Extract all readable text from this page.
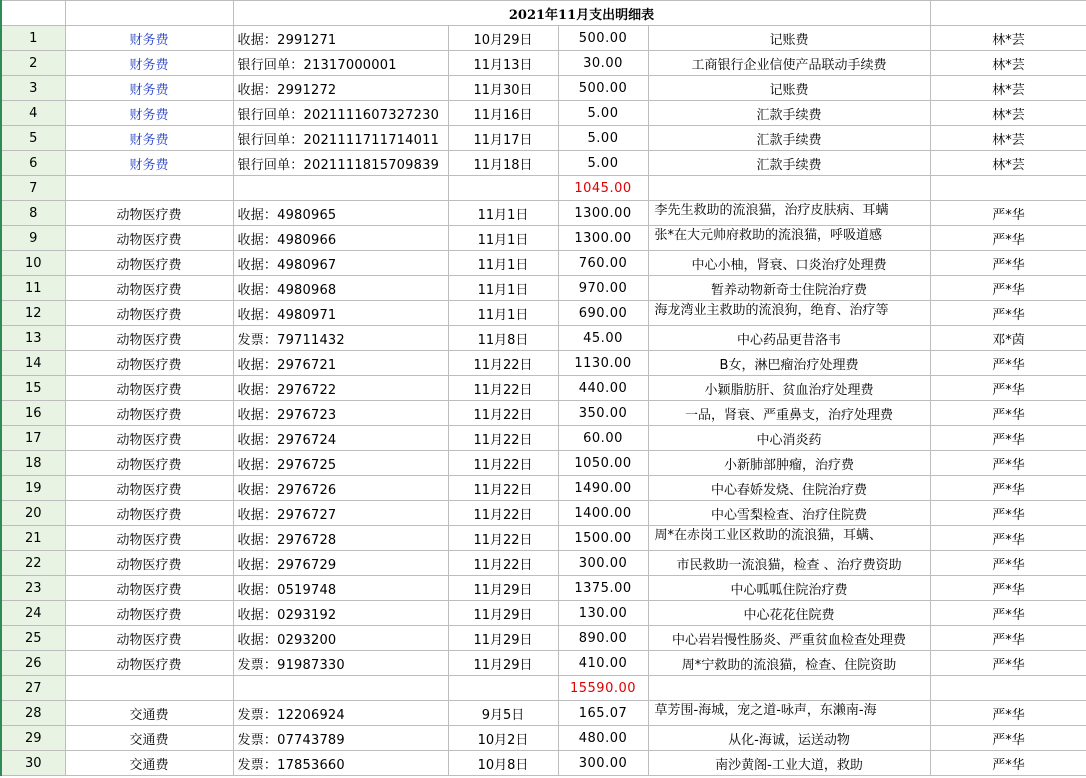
		2021年11月支出明细表				
1	财务费	收据：2991271	10月29日	500.00	记账费	林*芸
2	财务费	银行回单：21317000001	11月13日	30.00	工商银行企业信使产品联动手续费	林*芸
3	财务费	收据：2991272	11月30日	500.00	记账费	林*芸
4	财务费	银行回单：2021111607327230	11月16日	5.00	汇款手续费	林*芸
5	财务费	银行回单：2021111711714011	11月17日	5.00	汇款手续费	林*芸
6	财务费	银行回单：2021111815709839	11月18日	5.00	汇款手续费	林*芸
7				1045.00		
8	动物医疗费	收据：4980965	11月1日	1300.00	李先生救助的流浪猫，治疗皮肤病、耳螨	严*华
9	动物医疗费	收据：4980966	11月1日	1300.00	张*在大元帅府救助的流浪猫，呼吸道感	严*华
10	动物医疗费	收据：4980967	11月1日	760.00	中心小柚，肾衰、口炎治疗处理费	严*华
11	动物医疗费	收据：4980968	11月1日	970.00	暂养动物新奇士住院治疗费	严*华
12	动物医疗费	收据：4980971	11月1日	690.00	海龙湾业主救助的流浪狗，绝育、治疗等	严*华
13	动物医疗费	发票：79711432	11月8日	45.00	中心药品更昔洛韦	邓*茵
14	动物医疗费	收据：2976721	11月22日	1130.00	B女，淋巴瘤治疗处理费	严*华
15	动物医疗费	收据：2976722	11月22日	440.00	小颖脂肪肝、贫血治疗处理费	严*华
16	动物医疗费	收据：2976723	11月22日	350.00	一品，肾衰、严重鼻支，治疗处理费	严*华
17	动物医疗费	收据：2976724	11月22日	60.00	中心消炎药	严*华
18	动物医疗费	收据：2976725	11月22日	1050.00	小新肺部肿瘤，治疗费	严*华
19	动物医疗费	收据：2976726	11月22日	1490.00	中心春娇发烧、住院治疗费	严*华
20	动物医疗费	收据：2976727	11月22日	1400.00	中心雪梨检查、治疗住院费	严*华
21	动物医疗费	收据：2976728	11月22日	1500.00	周*在赤岗工业区救助的流浪猫，耳螨、	严*华
22	动物医疗费	收据：2976729	11月22日	300.00	市民救助一流浪猫，检查 、治疗费资助	严*华
23	动物医疗费	收据：0519748	11月29日	1375.00	中心呱呱住院治疗费	严*华
24	动物医疗费	收据：0293192	11月29日	130.00	中心花花住院费	严*华
25	动物医疗费	收据：0293200	11月29日	890.00	中心岩岩慢性肠炎、严重贫血检查处理费	严*华
26	动物医疗费	发票：91987330	11月29日	410.00	周*宁救助的流浪猫，检查、住院资助	严*华
27				15590.00		
28	交通费	发票：12206924	9月5日	165.07	草芳围-海城，宠之道-咏声，东濑南-海	严*华
29	交通费	发票：07743789	10月2日	480.00	从化-海诚，运送动物	严*华
30	交通费	发票：17853660	10月8日	300.00	南沙黄阁-工业大道，救助	严*华
